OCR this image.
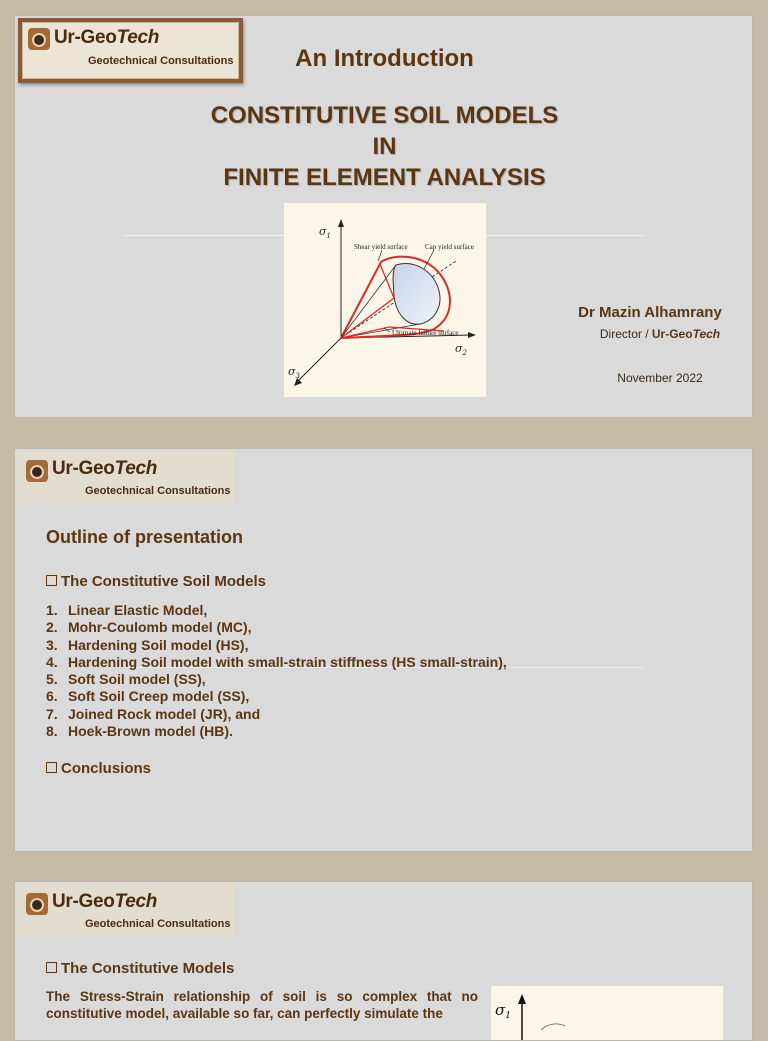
Ur-GeoTech
Geotechnical Consultations	An Introduction
CONSTITUTIVE SOIL MODELS
IN
FINITE ELEMENT ANALYSIS
$\sigma_1$
$\sigma_2$
$\sigma_3$
Shear yield surface Cap yield surface
Ultimate failure surface
Dr Mazin Alhamrany
Director / Ur-GeoTech
November 2022
Ur-GeoTech
Geotechnical Consultations
Outline of presentation
The Constitutive Soil Models
1. Linear Elastic Model,
2. Mohr-Coulomb model (MC),
3. Hardening Soil model (HS),
4. Hardening Soil model with small-strain stiffness (HS small-strain),
5. Soft Soil model (SS),
6. Soft Soil Creep model (SS),
7. Joined Rock model (JR), and
8. Hoek-Brown model (HB).
Conclusions
Ur-GeoTech
Geotechnical Consultations
The Constitutive Models
The Stress-Strain relationship of soil is so complex that no constitutive model, available so far, can perfectly simulate the	$\sigma_1$
